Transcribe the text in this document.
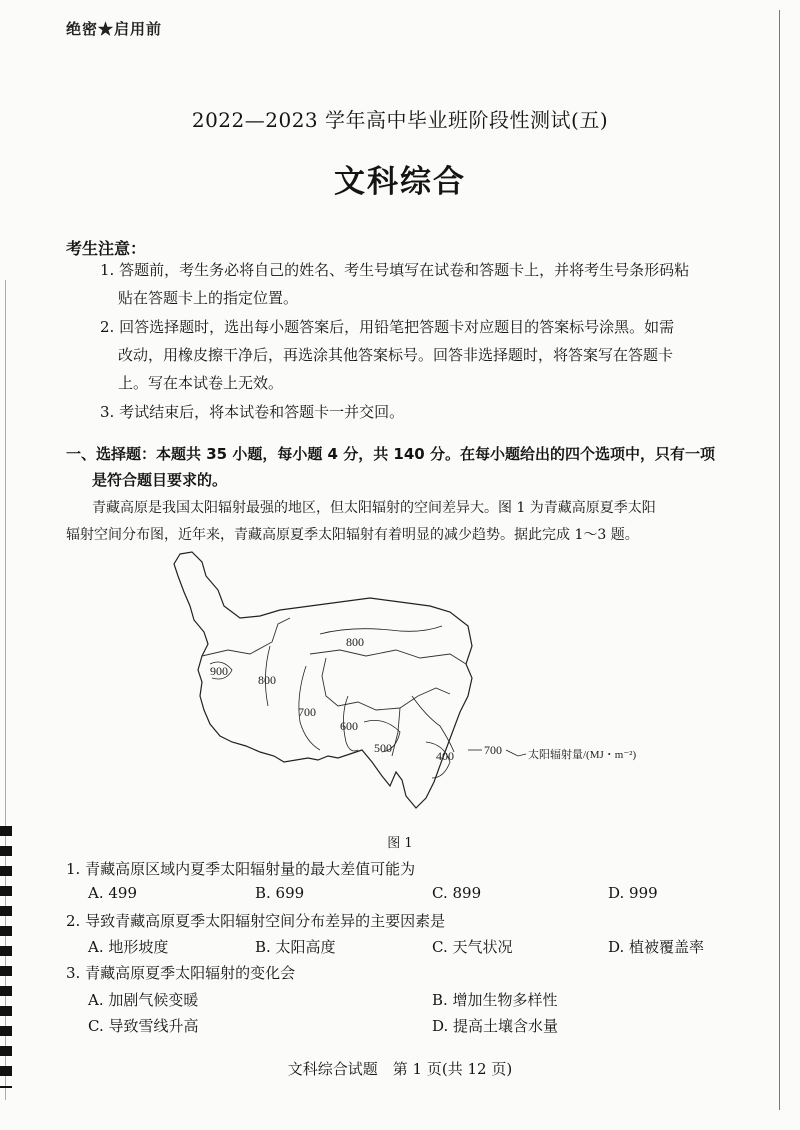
绝密★启用前
2022—2023 学年高中毕业班阶段性测试(五)
文科综合
考生注意：
1. 答题前，考生务必将自己的姓名、考生号填写在试卷和答题卡上，并将考生号条形码粘
贴在答题卡上的指定位置。
2. 回答选择题时，选出每小题答案后，用铅笔把答题卡对应题目的答案标号涂黑。如需
改动，用橡皮擦干净后，再选涂其他答案标号。回答非选择题时，将答案写在答题卡
上。写在本试卷上无效。
3. 考试结束后，将本试卷和答题卡一并交回。
一、选择题：本题共 35 小题，每小题 4 分，共 140 分。在每小题给出的四个选项中，只有一项
是符合题目要求的。
青藏高原是我国太阳辐射最强的地区，但太阳辐射的空间差异大。图 1 为青藏高原夏季太阳
辐射空间分布图，近年来，青藏高原夏季太阳辐射有着明显的减少趋势。据此完成 1～3 题。
800
900
800
700
600
500
400	700 太阳辐射量/(MJ・m⁻²)
图 1
1. 青藏高原区域内夏季太阳辐射量的最大差值可能为
A. 499	B. 699	C. 899	D. 999
2. 导致青藏高原夏季太阳辐射空间分布差异的主要因素是
A. 地形坡度	B. 太阳高度	C. 天气状况	D. 植被覆盖率
3. 青藏高原夏季太阳辐射的变化会
A. 加剧气候变暖	B. 增加生物多样性
C. 导致雪线升高	D. 提高土壤含水量
文科综合试题　第 1 页(共 12 页)
